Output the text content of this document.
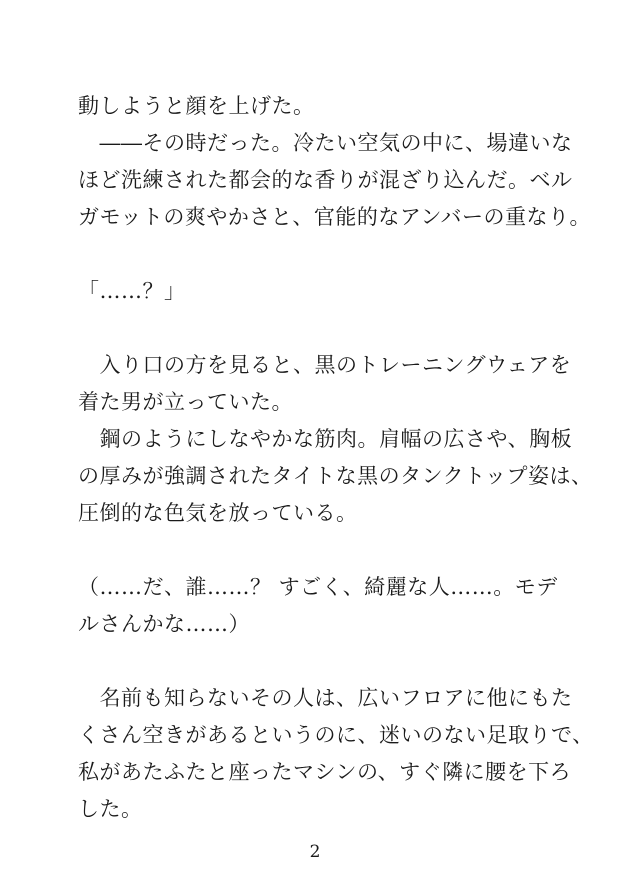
動しようと顔を上げた。
　――その時だった。冷たい空気の中に、場違いな
ほど洗練された都会的な香りが混ざり込んだ。ベル
ガモットの爽やかさと、官能的なアンバーの重なり。
「……？」
　入り口の方を見ると、黒のトレーニングウェアを
着た男が立っていた。
　鋼のようにしなやかな筋肉。肩幅の広さや、胸板
の厚みが強調されたタイトな黒のタンクトップ姿は、
圧倒的な色気を放っている。
（……だ、誰……？ すごく、綺麗な人……。モデ
ルさんかな……）
　名前も知らないその人は、広いフロアに他にもた
くさん空きがあるというのに、迷いのない足取りで、
私があたふたと座ったマシンの、すぐ隣に腰を下ろ
した。
2
